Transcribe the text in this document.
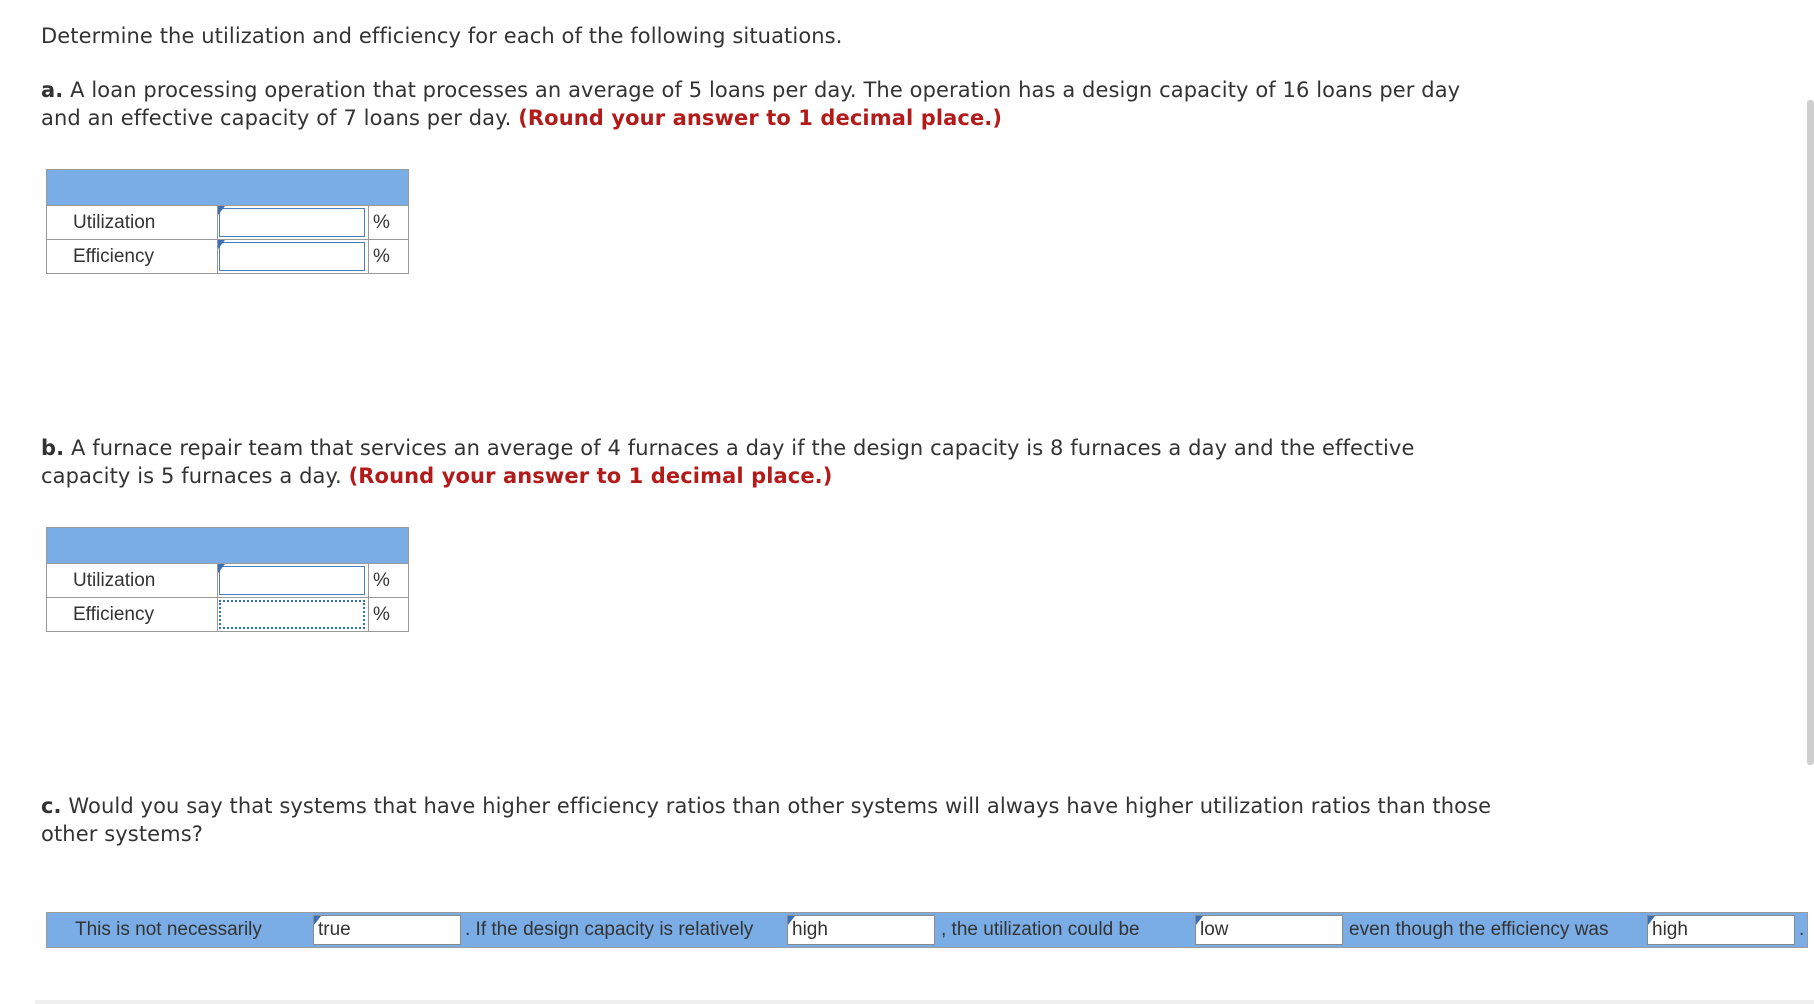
Determine the utilization and efficiency for each of the following situations.
a. A loan processing operation that processes an average of 5 loans per day. The operation has a design capacity of 16 loans per day and an effective capacity of 7 loans per day. (Round your answer to 1 decimal place.)

Utilization		%
Efficiency		%
b. A furnace repair team that services an average of 4 furnaces a day if the design capacity is 8 furnaces a day and the effective capacity is 5 furnaces a day. (Round your answer to 1 decimal place.)

Utilization		%
Efficiency		%
c. Would you say that systems that have higher efficiency ratios than other systems will always have higher utilization ratios than those other systems?
This is not necessarily	true	. If the design capacity is relatively high	, the utilization could be	low	even though the efficiency was high	.
